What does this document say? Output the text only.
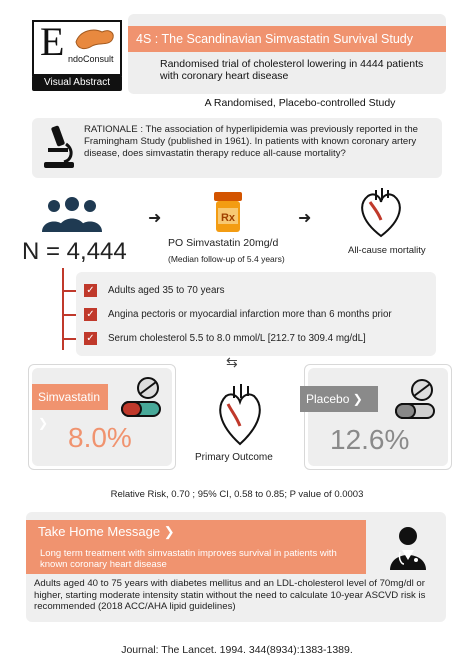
E ndoConsult
Visual Abstract
4S : The Scandinavian Simvastatin Survival Study
Randomised trial of cholesterol lowering in 4444 patients with coronary heart disease
A Randomised, Placebo-controlled Study
RATIONALE : The association of hyperlipidemia was previously reported in the Framingham Study (published in 1961). In patients with known coronary artery disease, does simvastatin therapy reduce all-cause mortality?
N = 4,444
➜	Rx
PO Simvastatin 20mg/d
(Median follow-up of 5.4 years)
➜
All-cause mortality
✓ Adults aged 35 to 70 years
✓ Angina pectoris or myocardial infarction more than 6 months prior
✓ Serum cholesterol 5.5 to 8.0 mmol/L [212.7 to 309.4 mg/dL]
⇆
Simvastatin ❯ 8.0%
Primary Outcome
Placebo ❯
12.6%
Relative Risk, 0.70 ; 95% CI, 0.58 to 0.85; P value of 0.0003
Take Home Message ❯
Long term treatment with simvastatin improves survival in patients with known coronary heart disease
Adults aged 40 to 75 years with diabetes mellitus and an LDL-cholesterol level of 70mg/dl or higher, starting moderate intensity statin without the need to calculate 10-year ASCVD risk is recommended (2018 ACC/AHA lipid guidelines)
Journal: The Lancet. 1994. 344(8934):1383-1389.
